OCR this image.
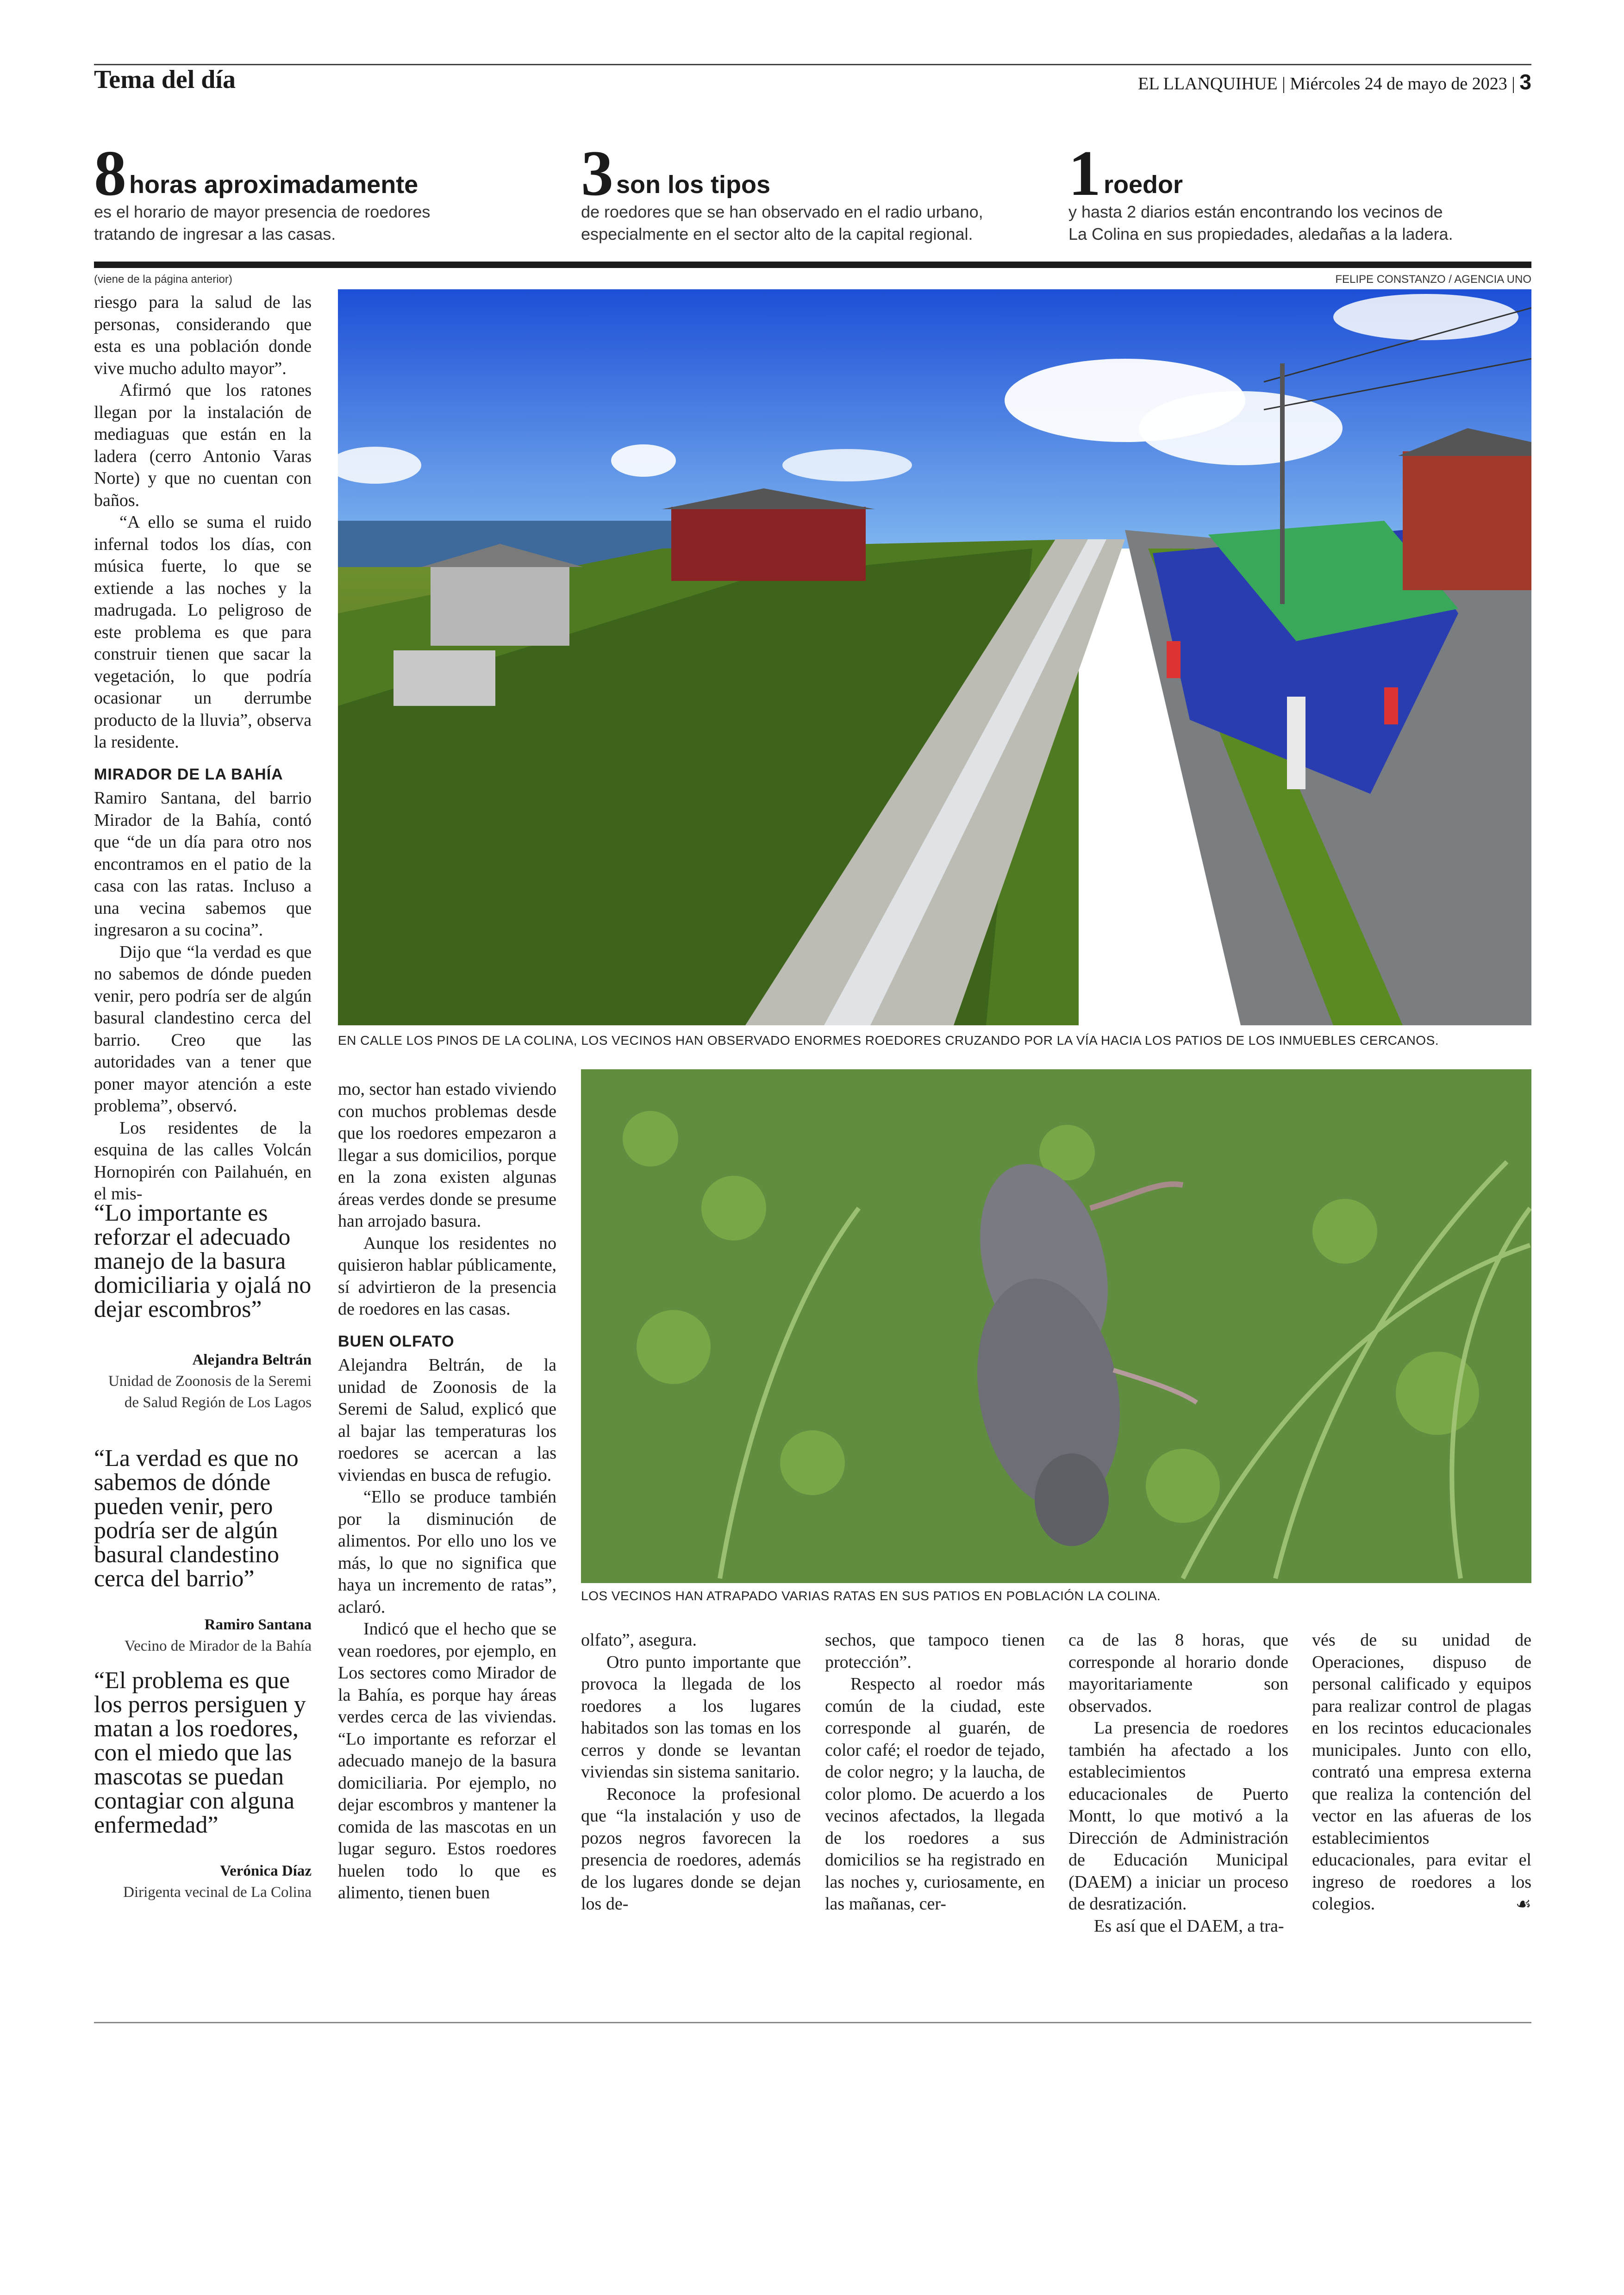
Tema del día	EL LLANQUIHUE | Miércoles 24 de mayo de 2023 | 3
8 horas aproximadamente
es el horario de mayor presencia de roedores
tratando de ingresar a las casas.
3 son los tipos
de roedores que se han observado en el radio urbano,
especialmente en el sector alto de la capital regional.
1 roedor
y hasta 2 diarios están encontrando los vecinos de
La Colina en sus propiedades, aledañas a la ladera.
(viene de la página anterior)	FELIPE CONSTANZO / AGENCIA UNO

riesgo para la salud de las personas, considerando que esta es una población donde vive mucho adulto mayor”.

Afirmó que los ratones llegan por la instalación de mediaguas que están en la ladera (cerro Antonio Varas Norte) y que no cuentan con baños.

“A ello se suma el ruido infernal todos los días, con música fuerte, lo que se extiende a las noches y la madrugada. Lo peligroso de este problema es que para construir tienen que sacar la vegetación, lo que podría ocasionar un derrumbe producto de la lluvia”, observa la residente.

MIRADOR DE LA BAHÍA

Ramiro Santana, del barrio Mirador de la Bahía, contó que “de un día para otro nos encontramos en el patio de la casa con las ratas. Incluso a una vecina sabemos que ingresaron a su cocina”.

Dijo que “la verdad es que no sabemos de dónde pueden venir, pero podría ser de algún basural clandestino cerca del barrio. Creo que las autoridades van a tener que poner mayor atención a este problema”, observó.

Los residentes de la esquina de las calles Volcán Hornopirén con Pailahuén, en el mis-

“Lo importante es reforzar el adecuado manejo de la basura domiciliaria y ojalá no dejar escombros”
Alejandra Beltrán
Unidad de Zoonosis de la Seremi de Salud Región de Los Lagos
“La verdad es que no sabemos de dónde pueden venir, pero podría ser de algún basural clandestino cerca del barrio”
Ramiro Santana
Vecino de Mirador de la Bahía
“El problema es que los perros persiguen y matan a los roedores, con el miedo que las mascotas se puedan contagiar con alguna enfermedad”
Verónica Díaz
Dirigenta vecinal de La Colina
EN CALLE LOS PINOS DE LA COLINA, LOS VECINOS HAN OBSERVADO ENORMES ROEDORES CRUZANDO POR LA VÍA HACIA LOS PATIOS DE LOS INMUEBLES CERCANOS.

mo, sector han estado viviendo con muchos problemas desde que los roedores empezaron a llegar a sus domicilios, porque en la zona existen algunas áreas verdes donde se presume han arrojado basura.

Aunque los residentes no quisieron hablar públicamente, sí advirtieron de la presencia de roedores en las casas.

BUEN OLFATO

Alejandra Beltrán, de la unidad de Zoonosis de la Seremi de Salud, explicó que al bajar las temperaturas los roedores se acercan a las viviendas en busca de refugio.

“Ello se produce también por la disminución de alimentos. Por ello uno los ve más, lo que no significa que haya un incremento de ratas”, aclaró.

Indicó que el hecho que se vean roedores, por ejemplo, en Los sectores como Mirador de la Bahía, es porque hay áreas verdes cerca de las viviendas. “Lo importante es reforzar el adecuado manejo de la basura domiciliaria. Por ejemplo, no dejar escombros y mantener la comida de las mascotas en un lugar seguro. Estos roedores huelen todo lo que es alimento, tienen buen

LOS VECINOS HAN ATRAPADO VARIAS RATAS EN SUS PATIOS EN POBLACIÓN LA COLINA.

olfato”, asegura.

Otro punto importante que provoca la llegada de los roedores a los lugares habitados son las tomas en los cerros y donde se levantan viviendas sin sistema sanitario.

Reconoce la profesional que “la instalación y uso de pozos negros favorecen la presencia de roedores, además de los lugares donde se dejan los de-

sechos, que tampoco tienen protección”.

Respecto al roedor más común de la ciudad, este corresponde al guarén, de color café; el roedor de tejado, de color negro; y la laucha, de color plomo. De acuerdo a los vecinos afectados, la llegada de los roedores a sus domicilios se ha registrado en las noches y, curiosamente, en las mañanas, cer-

ca de las 8 horas, que corresponde al horario donde mayoritariamente son observados.

La presencia de roedores también ha afectado a los establecimientos educacionales de Puerto Montt, lo que motivó a la Dirección de Administración de Educación Municipal (DAEM) a iniciar un proceso de desratización.

Es así que el DAEM, a tra-

vés de su unidad de Operaciones, dispuso de personal calificado y equipos para realizar control de plagas en los recintos educacionales municipales. Junto con ello, contrató una empresa externa que realiza la contención del vector en las afueras de los establecimientos educacionales, para evitar el ingreso de roedores a los colegios.	☙
